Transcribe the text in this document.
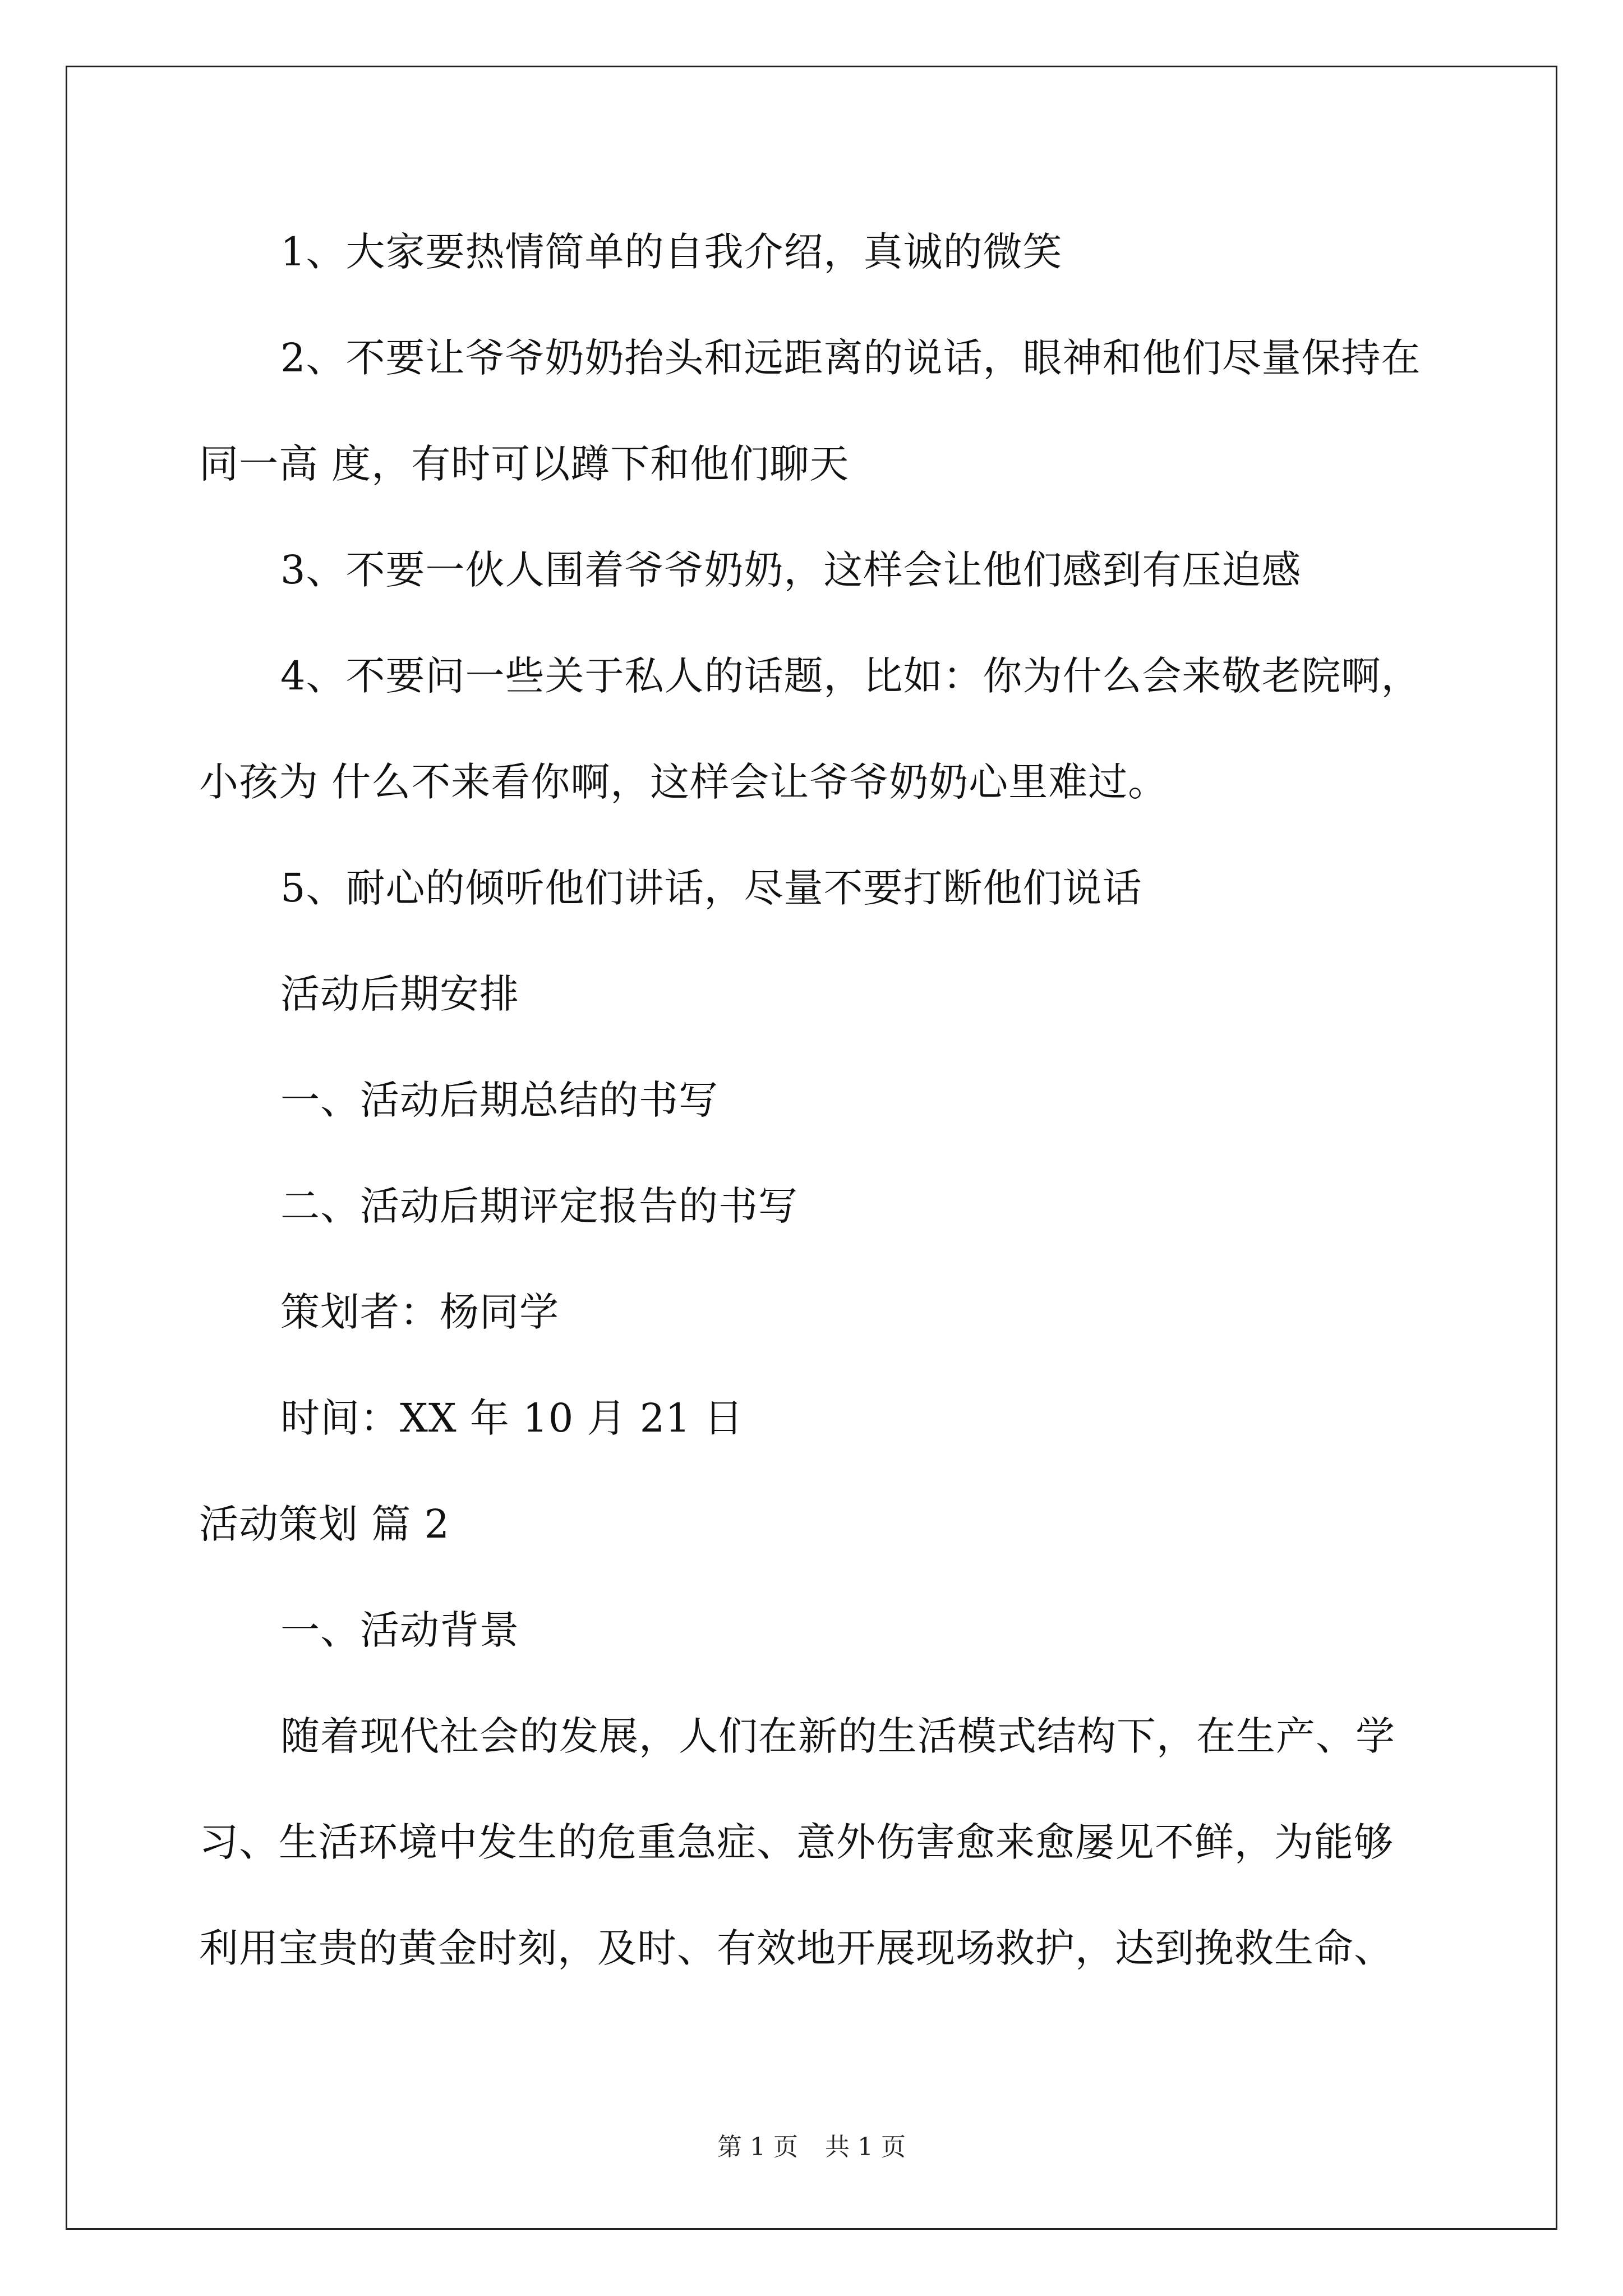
1、大家要热情简单的自我介绍，真诚的微笑
2、不要让爷爷奶奶抬头和远距离的说话，眼神和他们尽量保持在
同一高 度，有时可以蹲下和他们聊天
3、不要一伙人围着爷爷奶奶，这样会让他们感到有压迫感
4、不要问一些关于私人的话题，比如：你为什么会来敬老院啊，
小孩为 什么不来看你啊，这样会让爷爷奶奶心里难过。
5、耐心的倾听他们讲话，尽量不要打断他们说话
活动后期安排
一、活动后期总结的书写
二、活动后期评定报告的书写
策划者：杨同学
时间：XX 年 10 月 21 日
活动策划 篇 2
一、活动背景
随着现代社会的发展，人们在新的生活模式结构下，在生产、学
习、生活环境中发生的危重急症、意外伤害愈来愈屡见不鲜，为能够
利用宝贵的黄金时刻，及时、有效地开展现场救护，达到挽救生命、
第 1 页 共 1 页
